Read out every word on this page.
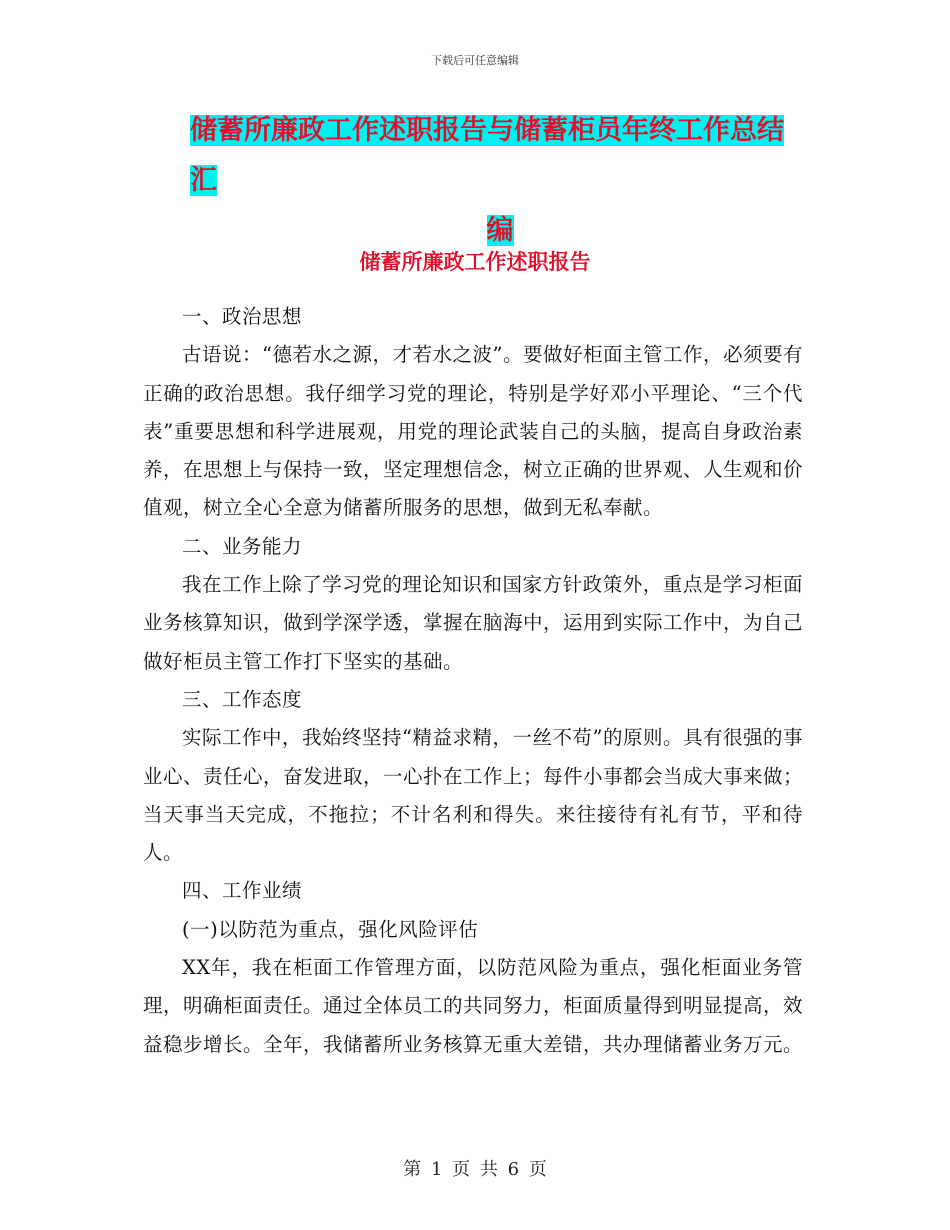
下载后可任意编辑
储蓄所廉政工作述职报告与储蓄柜员年终工作总结汇
编
储蓄所廉政工作述职报告

一、政治思想

古语说：“德若水之源，才若水之波”。要做好柜面主管工作，必须要有正确的政治思想。我仔细学习党的理论，特别是学好邓小平理论、“三个代表”重要思想和科学进展观，用党的理论武装自己的头脑，提高自身政治素养，在思想上与保持一致，坚定理想信念，树立正确的世界观、人生观和价值观，树立全心全意为储蓄所服务的思想，做到无私奉献。

二、业务能力

我在工作上除了学习党的理论知识和国家方针政策外，重点是学习柜面业务核算知识，做到学深学透，掌握在脑海中，运用到实际工作中，为自己做好柜员主管工作打下坚实的基础。

三、工作态度

实际工作中，我始终坚持“精益求精，一丝不苟”的原则。具有很强的事业心、责任心，奋发进取，一心扑在工作上；每件小事都会当成大事来做；当天事当天完成，不拖拉；不计名利和得失。来往接待有礼有节，平和待人。

四、工作业绩

(一)以防范为重点，强化风险评估

XX年，我在柜面工作管理方面，以防范风险为重点，强化柜面业务管理，明确柜面责任。通过全体员工的共同努力，柜面质量得到明显提高，效益稳步增长。全年，我储蓄所业务核算无重大差错，共办理储蓄业务万元。

第 1 页 共 6 页
